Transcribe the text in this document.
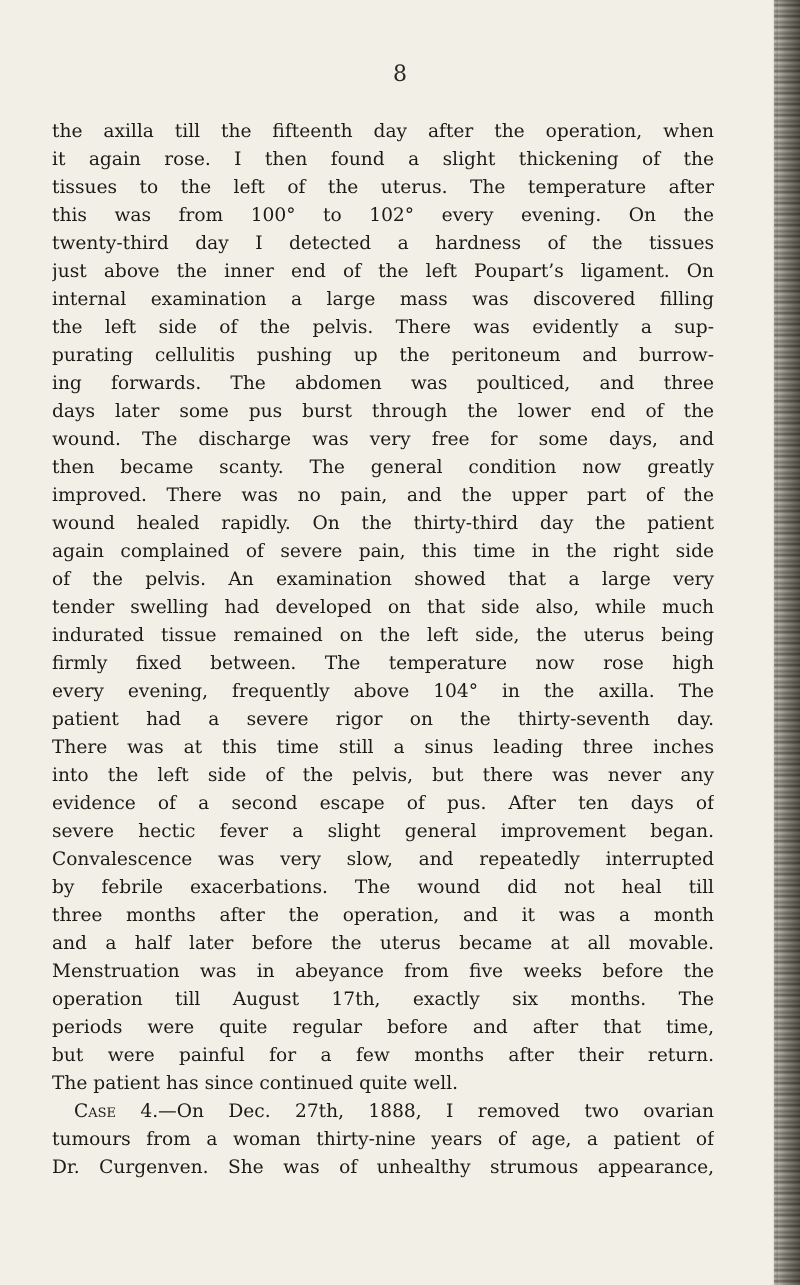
8
the axilla till the fifteenth day after the operation, when
it again rose. I then found a slight thickening of the
tissues to the left of the uterus. The temperature after
this was from 100° to 102° every evening. On the
twenty-third day I detected a hardness of the tissues
just above the inner end of the left Poupart’s ligament. On
internal examination a large mass was discovered filling
the left side of the pelvis. There was evidently a sup-
purating cellulitis pushing up the peritoneum and burrow-
ing forwards. The abdomen was poulticed, and three
days later some pus burst through the lower end of the
wound. The discharge was very free for some days, and
then became scanty. The general condition now greatly
improved. There was no pain, and the upper part of the
wound healed rapidly. On the thirty-third day the patient
again complained of severe pain, this time in the right side
of the pelvis. An examination showed that a large very
tender swelling had developed on that side also, while much
indurated tissue remained on the left side, the uterus being
firmly fixed between. The temperature now rose high
every evening, frequently above 104° in the axilla. The
patient had a severe rigor on the thirty-seventh day.
There was at this time still a sinus leading three inches
into the left side of the pelvis, but there was never any
evidence of a second escape of pus. After ten days of
severe hectic fever a slight general improvement began.
Convalescence was very slow, and repeatedly interrupted
by febrile exacerbations. The wound did not heal till
three months after the operation, and it was a month
and a half later before the uterus became at all movable.
Menstruation was in abeyance from five weeks before the
operation till August 17th, exactly six months. The
periods were quite regular before and after that time,
but were painful for a few months after their return.
The patient has since continued quite well.
Case 4.—On Dec. 27th, 1888, I removed two ovarian
tumours from a woman thirty-nine years of age, a patient of
Dr. Curgenven. She was of unhealthy strumous appearance,
